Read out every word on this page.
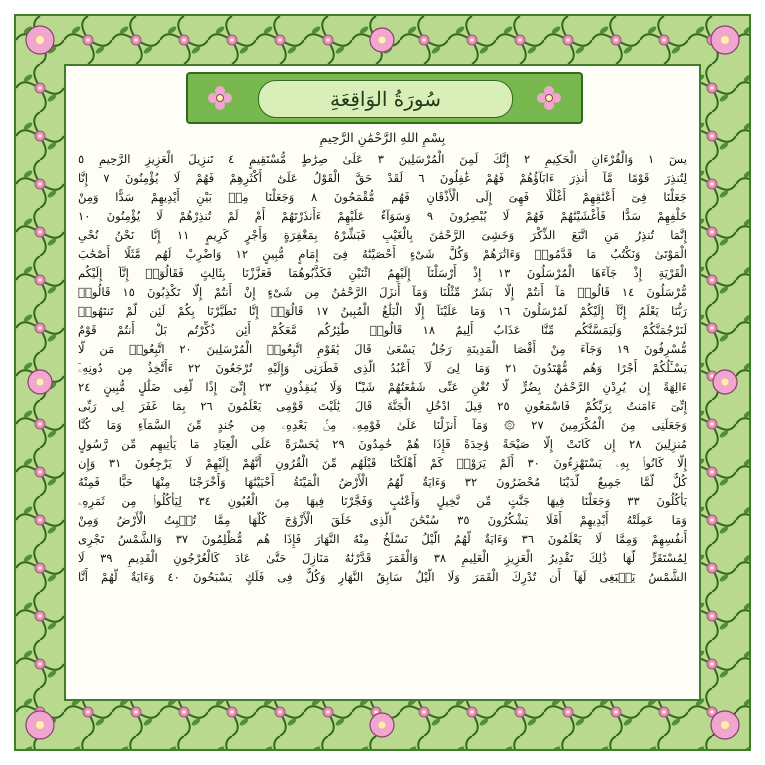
سُورَةُ الوَاقِعَةِ
بِسْمِ اللهِ الرَّحْمَٰنِ الرَّحِيمِ
يسٓ ١ وَالْقُرْءَانِ الْحَكِيمِ ٢ إِنَّكَ لَمِنَ الْمُرْسَلِينَ ٣ عَلَىٰ صِرَٰطٍ مُّسْتَقِيمٍ ٤ تَنزِيلَ الْعَزِيزِ الرَّحِيمِ ٥
لِتُنذِرَ قَوْمًا مَّآ أُنذِرَ ءَابَآؤُهُمْ فَهُمْ غَٰفِلُونَ ٦ لَقَدْ حَقَّ الْقَوْلُ عَلَىٰٓ أَكْثَرِهِمْ فَهُمْ لَا يُؤْمِنُونَ ٧ إِنَّا
جَعَلْنَا فِىٓ أَعْنَٰقِهِمْ أَغْلَٰلًا فَهِىَ إِلَى الْأَذْقَانِ فَهُم مُّقْمَحُونَ ٨ وَجَعَلْنَا مِنۢ بَيْنِ أَيْدِيهِمْ سَدًّا وَمِنْ
خَلْفِهِمْ سَدًّا فَأَغْشَيْنَٰهُمْ فَهُمْ لَا يُبْصِرُونَ ٩ وَسَوَآءٌ عَلَيْهِمْ ءَأَنذَرْتَهُمْ أَمْ لَمْ تُنذِرْهُمْ لَا يُؤْمِنُونَ ١٠
إِنَّمَا تُنذِرُ مَنِ اتَّبَعَ الذِّكْرَ وَخَشِىَ الرَّحْمَٰنَ بِالْغَيْبِ فَبَشِّرْهُ بِمَغْفِرَةٍ وَأَجْرٍ كَرِيمٍ ١١ إِنَّا نَحْنُ نُحْىِ
الْمَوْتَىٰ وَنَكْتُبُ مَا قَدَّمُوا۟ وَءَاثَٰرَهُمْ وَكُلَّ شَىْءٍ أَحْصَيْنَٰهُ فِىٓ إِمَامٍ مُّبِينٍ ١٢ وَاضْرِبْ لَهُم مَّثَلًا أَصْحَٰبَ
الْقَرْيَةِ إِذْ جَآءَهَا الْمُرْسَلُونَ ١٣ إِذْ أَرْسَلْنَآ إِلَيْهِمُ اثْنَيْنِ فَكَذَّبُوهُمَا فَعَزَّزْنَا بِثَالِثٍ فَقَالُوٓا۟ إِنَّآ إِلَيْكُم
مُّرْسَلُونَ ١٤ قَالُوا۟ مَآ أَنتُمْ إِلَّا بَشَرٌ مِّثْلُنَا وَمَآ أَنزَلَ الرَّحْمَٰنُ مِن شَىْءٍ إِنْ أَنتُمْ إِلَّا تَكْذِبُونَ ١٥ قَالُوا۟
رَبُّنَا يَعْلَمُ إِنَّآ إِلَيْكُمْ لَمُرْسَلُونَ ١٦ وَمَا عَلَيْنَآ إِلَّا الْبَلَٰغُ الْمُبِينُ ١٧ قَالُوٓا۟ إِنَّا تَطَيَّرْنَا بِكُمْ لَئِن لَّمْ تَنتَهُوا۟
لَنَرْجُمَنَّكُمْ وَلَيَمَسَّنَّكُم مِّنَّا عَذَابٌ أَلِيمٌ ١٨ قَالُوا۟ طَٰٓئِرُكُم مَّعَكُمْ أَئِن ذُكِّرْتُم بَلْ أَنتُمْ قَوْمٌ
مُّسْرِفُونَ ١٩ وَجَآءَ مِنْ أَقْصَا الْمَدِينَةِ رَجُلٌ يَسْعَىٰ قَالَ يَٰقَوْمِ اتَّبِعُوا۟ الْمُرْسَلِينَ ٢٠ اتَّبِعُوا۟ مَن لَّا
يَسْـَٔلُكُمْ أَجْرًا وَهُم مُّهْتَدُونَ ٢١ وَمَا لِىَ لَآ أَعْبُدُ الَّذِى فَطَرَنِى وَإِلَيْهِ تُرْجَعُونَ ٢٢ ءَأَتَّخِذُ مِن دُونِهِۦٓ
ءَالِهَةً إِن يُرِدْنِ الرَّحْمَٰنُ بِضُرٍّ لَّا تُغْنِ عَنِّى شَفَٰعَتُهُمْ شَيْـًٔا وَلَا يُنقِذُونِ ٢٣ إِنِّىٓ إِذًا لَّفِى ضَلَٰلٍ مُّبِينٍ ٢٤
إِنِّىٓ ءَامَنتُ بِرَبِّكُمْ فَاسْمَعُونِ ٢٥ قِيلَ ادْخُلِ الْجَنَّةَ قَالَ يَٰلَيْتَ قَوْمِى يَعْلَمُونَ ٢٦ بِمَا غَفَرَ لِى رَبِّى
وَجَعَلَنِى مِنَ الْمُكْرَمِينَ ٢٧ ۞ وَمَآ أَنزَلْنَا عَلَىٰ قَوْمِهِۦ مِنۢ بَعْدِهِۦ مِن جُندٍ مِّنَ السَّمَآءِ وَمَا كُنَّا
مُنزِلِينَ ٢٨ إِن كَانَتْ إِلَّا صَيْحَةً وَٰحِدَةً فَإِذَا هُمْ خَٰمِدُونَ ٢٩ يَٰحَسْرَةً عَلَى الْعِبَادِ مَا يَأْتِيهِم مِّن رَّسُولٍ
إِلَّا كَانُوا۟ بِهِۦ يَسْتَهْزِءُونَ ٣٠ أَلَمْ يَرَوْا۟ كَمْ أَهْلَكْنَا قَبْلَهُم مِّنَ الْقُرُونِ أَنَّهُمْ إِلَيْهِمْ لَا يَرْجِعُونَ ٣١ وَإِن
كُلٌّ لَّمَّا جَمِيعٌ لَّدَيْنَا مُحْضَرُونَ ٣٢ وَءَايَةٌ لَّهُمُ الْأَرْضُ الْمَيْتَةُ أَحْيَيْنَٰهَا وَأَخْرَجْنَا مِنْهَا حَبًّا فَمِنْهُ
يَأْكُلُونَ ٣٣ وَجَعَلْنَا فِيهَا جَنَّٰتٍ مِّن نَّخِيلٍ وَأَعْنَٰبٍ وَفَجَّرْنَا فِيهَا مِنَ الْعُيُونِ ٣٤ لِيَأْكُلُوا۟ مِن ثَمَرِهِۦ
وَمَا عَمِلَتْهُ أَيْدِيهِمْ أَفَلَا يَشْكُرُونَ ٣٥ سُبْحَٰنَ الَّذِى خَلَقَ الْأَزْوَٰجَ كُلَّهَا مِمَّا تُنۢبِتُ الْأَرْضُ وَمِنْ
أَنفُسِهِمْ وَمِمَّا لَا يَعْلَمُونَ ٣٦ وَءَايَةٌ لَّهُمُ الَّيْلُ نَسْلَخُ مِنْهُ النَّهَارَ فَإِذَا هُم مُّظْلِمُونَ ٣٧ وَالشَّمْسُ تَجْرِى
لِمُسْتَقَرٍّ لَّهَا ذَٰلِكَ تَقْدِيرُ الْعَزِيزِ الْعَلِيمِ ٣٨ وَالْقَمَرَ قَدَّرْنَٰهُ مَنَازِلَ حَتَّىٰ عَادَ كَالْعُرْجُونِ الْقَدِيمِ ٣٩ لَا
الشَّمْسُ يَنۢبَغِى لَهَآ أَن تُدْرِكَ الْقَمَرَ وَلَا الَّيْلُ سَابِقُ النَّهَارِ وَكُلٌّ فِى فَلَكٍ يَسْبَحُونَ ٤٠ وَءَايَةٌ لَّهُمْ أَنَّا
